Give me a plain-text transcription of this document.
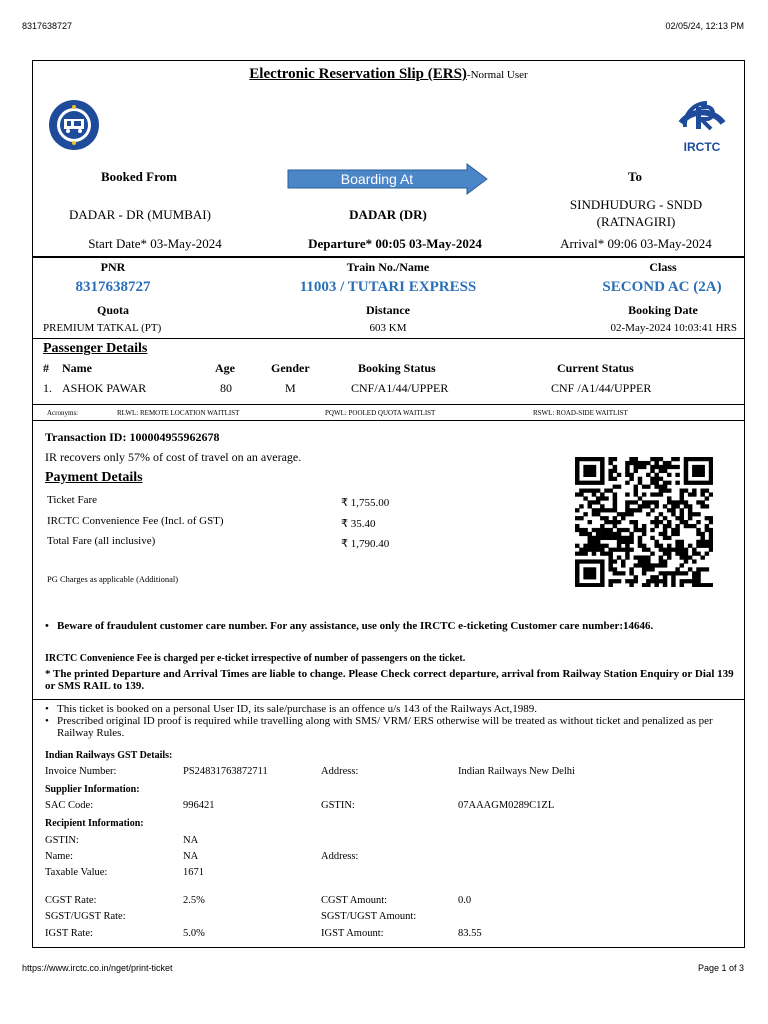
8317638727	02/05/24, 12:13 PM
https://www.irctc.co.in/nget/print-ticket	Page 1 of 3
Electronic Reservation Slip (ERS)-Normal User
IRCTC
Booked From	Boarding At	To
DADAR - DR (MUMBAI)	DADAR (DR)
SINDHUDURG - SNDD
(RATNAGIRI)
Start Date* 03-May-2024	Departure* 00:05 03-May-2024	Arrival* 09:06 03-May-2024
PNR	Train No./Name	Class
8317638727	11003 / TUTARI EXPRESS	SECOND AC (2A)
Quota	Distance	Booking Date
PREMIUM TATKAL (PT)	603 KM	02-May-2024 10:03:41 HRS
Passenger Details
# Name	Age	Gender	Booking Status	Current Status
1. ASHOK PAWAR	80	M	CNF/A1/44/UPPER	CNF /A1/44/UPPER
Acronyms:	RLWL: REMOTE LOCATION WAITLIST	PQWL: POOLED QUOTA WAITLIST	RSWL: ROAD-SIDE WAITLIST
Transaction ID: 100004955962678
IR recovers only 57% of cost of travel on an average.
Payment Details
Ticket Fare	₹ 1,755.00
IRCTC Convenience Fee (Incl. of GST)	₹ 35.40
Total Fare (all inclusive)	₹ 1,790.40
PG Charges as applicable (Additional)
• Beware of fraudulent customer care number. For any assistance, use only the IRCTC e-ticketing Customer care number:14646.
IRCTC Convenience Fee is charged per e-ticket irrespective of number of passengers on the ticket.
* The printed Departure and Arrival Times are liable to change. Please Check correct departure, arrival from Railway Station Enquiry or Dial 139 or SMS RAIL to 139.
• This ticket is booked on a personal User ID, its sale/purchase is an offence u/s 143 of the Railways Act,1989.
• Prescribed original ID proof is required while travelling along with SMS/ VRM/ ERS otherwise will be treated as without ticket and penalized as per Railway Rules.
Indian Railways GST Details:
Invoice Number:	PS24831763872711	Address:	Indian Railways New Delhi
Supplier Information:
SAC Code:	996421	GSTIN:	07AAAGM0289C1ZL
Recipient Information:
GSTIN:	NA
Name:	NA	Address:
Taxable Value:	1671
CGST Rate:	2.5%	CGST Amount:	0.0
SGST/UGST Rate:	SGST/UGST Amount:
IGST Rate:	5.0%	IGST Amount:	83.55
